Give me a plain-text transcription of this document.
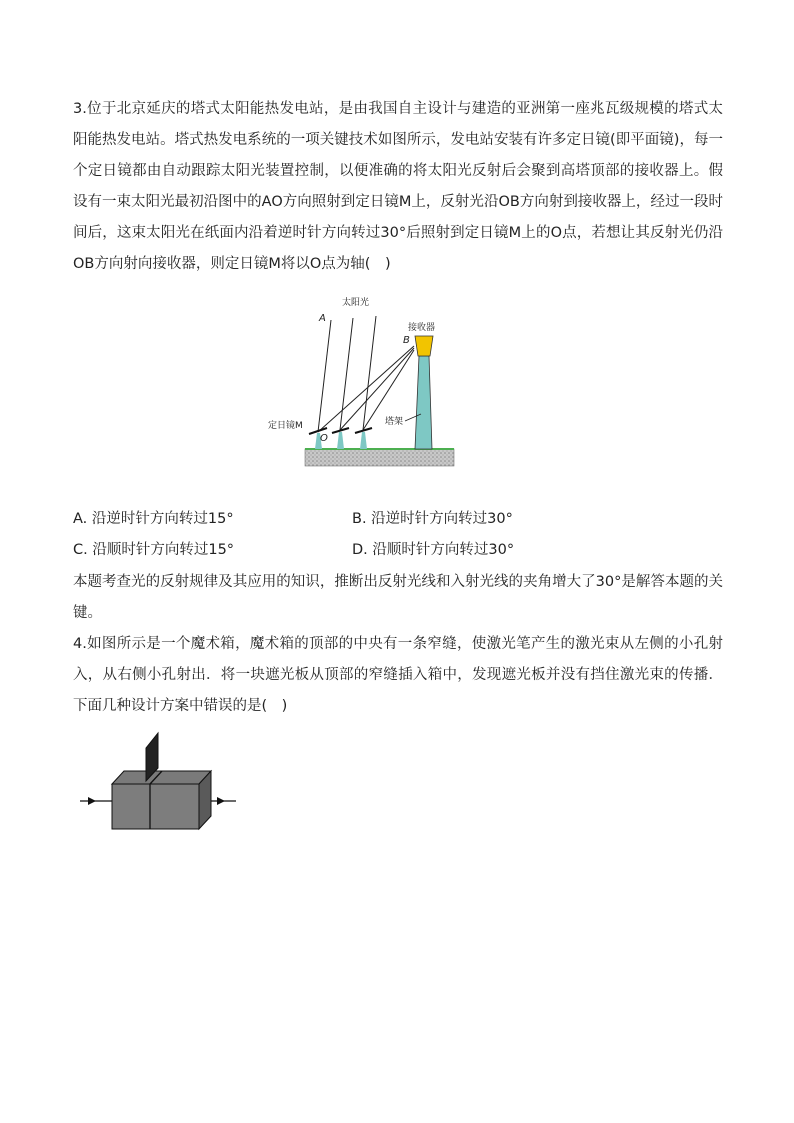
3.位于北京延庆的塔式太阳能热发电站，是由我国自主设计与建造的亚洲第一座兆瓦级规模的塔式太阳能热发电站。塔式热发电系统的一项关键技术如图所示，发电站安装有许多定日镜(即平面镜)，每一个定日镜都由自动跟踪太阳光装置控制，以便准确的将太阳光反射后会聚到高塔顶部的接收器上。假设有一束太阳光最初沿图中的AO方向照射到定日镜M上，反射光沿OB方向射到接收器上，经过一段时间后，这束太阳光在纸面内沿着逆时针方向转过30°后照射到定日镜M上的O点，若想让其反射光仍沿OB方向射向接收器，则定日镜M将以O点为轴(　)

太阳光
A
接收器
B
塔架
定日镜M
O
A. 沿逆时针方向转过15°	B. 沿逆时针方向转过30°
C. 沿顺时针方向转过15°	D. 沿顺时针方向转过30°

本题考查光的反射规律及其应用的知识，推断出反射光线和入射光线的夹角增大了30°是解答本题的关键。

4.如图所示是一个魔术箱，魔术箱的顶部的中央有一条窄缝，使激光笔产生的激光束从左侧的小孔射入，从右侧小孔射出．将一块遮光板从顶部的窄缝插入箱中，发现遮光板并没有挡住激光束的传播．下面几种设计方案中错误的是(　)
